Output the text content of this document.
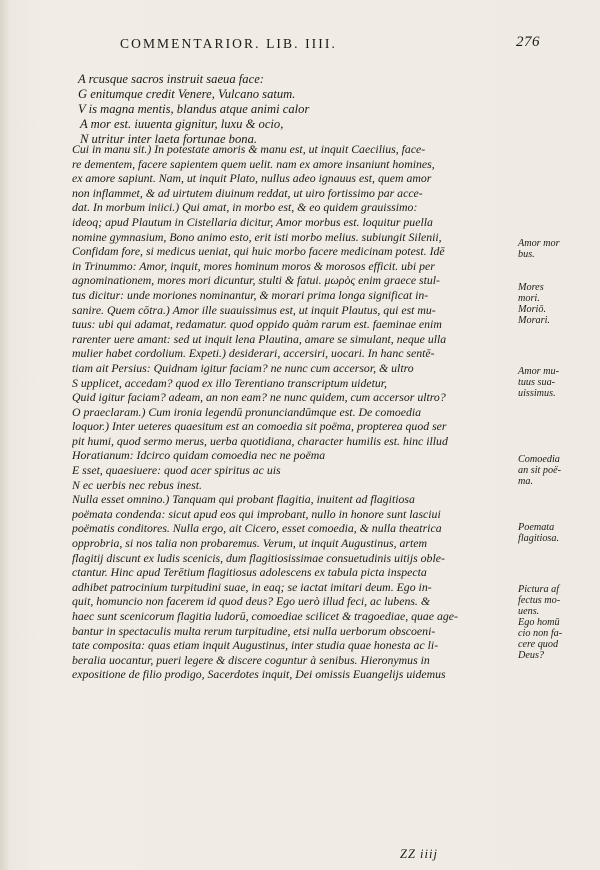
COMMENTARIOR. LIB. IIII.	276
A rcusque sacros instruit saeua face:
G enitumque credit Venere, Vulcano satum.
V is magna mentis, blandus atque animi calor
A mor est. iuuenta gignitur, luxu & ocio,
N utritur inter laeta fortunae bona.
Cui in manu sit.) In potestate amoris & manu est, ut inquit Caecilius, face-
re dementem, facere sapientem quem uelit. nam ex amore insaniunt homines,
ex amore sapiunt. Nam, ut inquit Plato, nullus adeo ignauus est, quem amor
non inflammet, & ad uirtutem diuinum reddat, ut uiro fortissimo par acce-
dat. In morbum iniici.) Qui amat, in morbo est, & eo quidem grauissimo:
ideoq; apud Plautum in Cistellaria dicitur, Amor morbus est. loquitur puella
nomine gymnasium, Bono animo esto, erit isti morbo melius. subiungit Silenii,
Confidam fore, si medicus ueniat, qui huic morbo facere medicinam potest. Idē
in Trinummo: Amor, inquit, mores hominum moros & morosos efficit. ubi per
agnominationem, mores mori dicuntur, stulti & fatui. μωρὸς enim graece stul-
tus dicitur: unde moriones nominantur, & morari prima longa significat in-
sanire. Quem cōtra.) Amor ille suauissimus est, ut inquit Plautus, qui est mu-
tuus: ubi qui adamat, redamatur. quod oppido quàm rarum est. faeminae enim
rarenter uere amant: sed ut inquit lena Plautina, amare se simulant, neque ulla
mulier habet cordolium. Expeti.) desiderari, accersiri, uocari. In hanc sentē-
tiam ait Persius: Quidnam igitur faciam? ne nunc cum accersor, & ultro
S upplicet, accedam? quod ex illo Terentiano transcriptum uidetur,
Quid igitur faciam? adeam, an non eam? ne nunc quidem, cum accersor ultro?
O praeclaram.) Cum ironia legendū pronunciandūmque est. De comoedia
loquor.) Inter ueteres quaesitum est an comoedia sit poëma, propterea quod ser
pit humi, quod sermo merus, uerba quotidiana, character humilis est. hinc illud
Horatianum: Idcirco quidam comoedia nec ne poëma
E sset, quaesiuere: quod acer spiritus ac uis
N ec uerbis nec rebus inest.
Nulla esset omnino.) Tanquam qui probant flagitia, inuitent ad flagitiosa
poëmata condenda: sicut apud eos qui improbant, nullo in honore sunt lasciui
poëmatis conditores. Nulla ergo, ait Cicero, esset comoedia, & nulla theatrica
opprobria, si nos talia non probaremus. Verum, ut inquit Augustinus, artem
flagitij discunt ex ludis scenicis, dum flagitiosissimae consuetudinis uitijs oble-
ctantur. Hinc apud Terētium flagitiosus adolescens ex tabula picta inspecta
adhibet patrocinium turpitudini suae, in eaq; se iactat imitari deum. Ego in-
quit, homuncio non facerem id quod deus? Ego uerò illud feci, ac lubens. &
haec sunt scenicorum flagitia ludorū, comoediae scilicet & tragoediae, quae age-
bantur in spectaculis multa rerum turpitudine, etsi nulla uerborum obscoeni-
tate composita: quas etiam inquit Augustinus, inter studia quae honesta ac li-
beralia uocantur, pueri legere & discere coguntur à senibus. Hieronymus in
expositione de filio prodigo, Sacerdotes inquit, Dei omissis Euangelijs uidemus
Amor mor
bus.
Mores
mori.
Moriō.
Morari.
Amor mu-
tuus sua-
uissimus.
Comoedia
an sit poë-
ma.
Poemata
flagitiosa.
Pictura af
fectus mo-
uens.
Ego homū
cio non fa-
cere quod
Deus?
ZZ iiij
